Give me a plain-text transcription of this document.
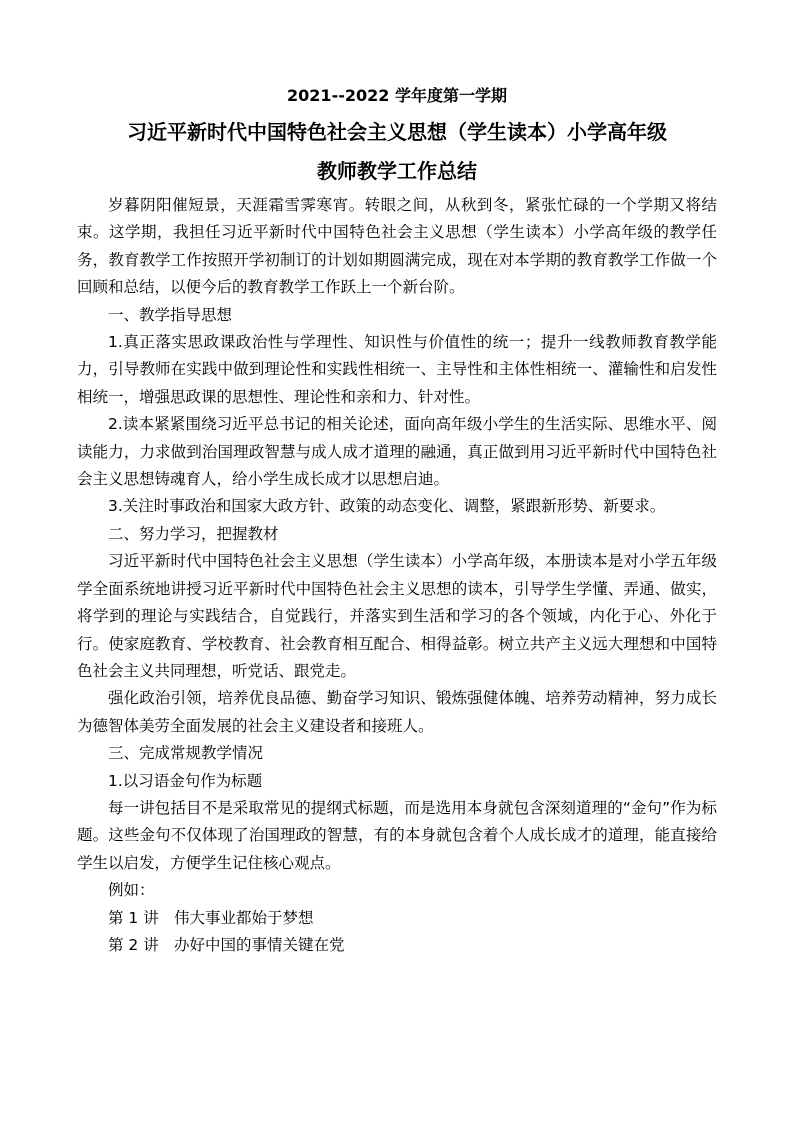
2021--2022 学年度第一学期

习近平新时代中国特色社会主义思想（学生读本）小学高年级

教师教学工作总结

岁暮阴阳催短景，天涯霜雪霁寒宵。转眼之间，从秋到冬，紧张忙碌的一个学期又将结束。这学期，我担任习近平新时代中国特色社会主义思想（学生读本）小学高年级的教学任务，教育教学工作按照开学初制订的计划如期圆满完成，现在对本学期的教育教学工作做一个回顾和总结，以便今后的教育教学工作跃上一个新台阶。

一、教学指导思想

1.真正落实思政课政治性与学理性、知识性与价值性的统一；提升一线教师教育教学能力，引导教师在实践中做到理论性和实践性相统一、主导性和主体性相统一、灌输性和启发性相统一，增强思政课的思想性、理论性和亲和力、针对性。

2.读本紧紧围绕习近平总书记的相关论述，面向高年级小学生的生活实际、思维水平、阅读能力，力求做到治国理政智慧与成人成才道理的融通，真正做到用习近平新时代中国特色社会主义思想铸魂育人，给小学生成长成才以思想启迪。

3.关注时事政治和国家大政方针、政策的动态变化、调整，紧跟新形势、新要求。

二、努力学习，把握教材

习近平新时代中国特色社会主义思想（学生读本）小学高年级，本册读本是对小学五年级学全面系统地讲授习近平新时代中国特色社会主义思想的读本，引导学生学懂、弄通、做实，将学到的理论与实践结合，自觉践行，并落实到生活和学习的各个领域，内化于心、外化于行。使家庭教育、学校教育、社会教育相互配合、相得益彰。树立共产主义远大理想和中国特色社会主义共同理想，听党话、跟党走。

强化政治引领，培养优良品德、勤奋学习知识、锻炼强健体魄、培养劳动精神，努力成长为德智体美劳全面发展的社会主义建设者和接班人。

三、完成常规教学情况

1.以习语金句作为标题

每一讲包括目不是采取常见的提纲式标题，而是选用本身就包含深刻道理的“金句”作为标题。这些金句不仅体现了治国理政的智慧，有的本身就包含着个人成长成才的道理，能直接给学生以启发，方便学生记住核心观点。

例如：

第 1 讲 伟大事业都始于梦想

第 2 讲 办好中国的事情关键在党
